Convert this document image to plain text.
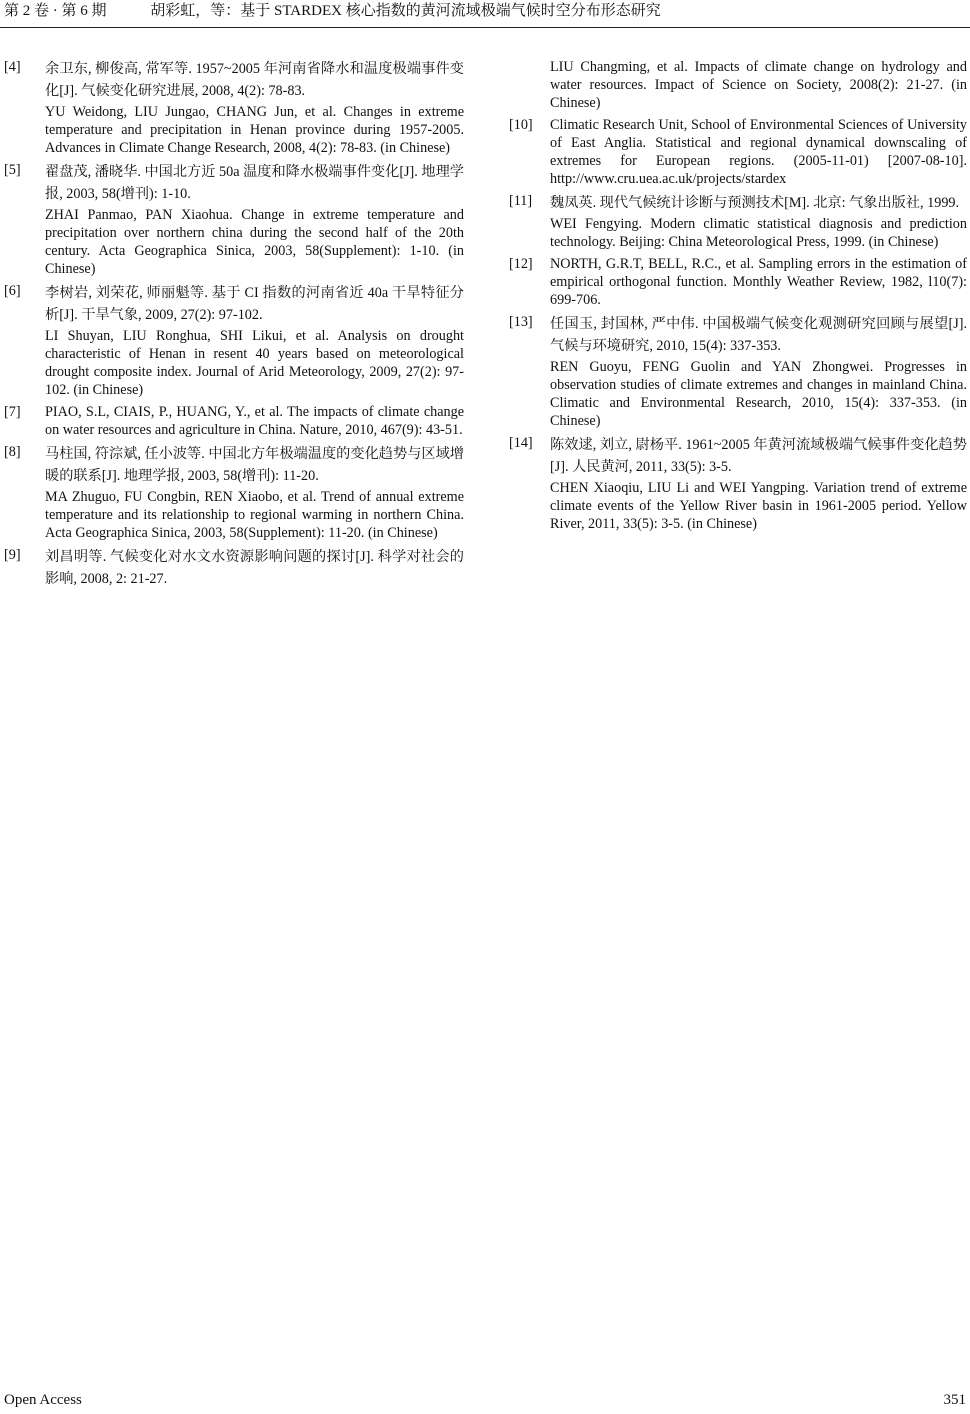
第 2 卷 · 第 6 期	胡彩虹，等：基于 STARDEX 核心指数的黄河流域极端气候时空分布形态研究
[4] 余卫东, 柳俊高, 常军等. 1957~2005 年河南省降水和温度极端事件变化[J]. 气候变化研究进展, 2008, 4(2): 78-83.

YU Weidong, LIU Jungao, CHANG Jun, et al. Changes in extreme temperature and precipitation in Henan province during 1957-2005. Advances in Climate Change Research, 2008, 4(2): 78-83. (in Chinese)

[5] 翟盘茂, 潘晓华. 中国北方近 50a 温度和降水极端事件变化[J]. 地理学报, 2003, 58(增刊): 1-10.

ZHAI Panmao, PAN Xiaohua. Change in extreme temperature and precipitation over northern china during the second half of the 20th century. Acta Geographica Sinica, 2003, 58(Supplement): 1-10. (in Chinese)

[6] 李树岩, 刘荣花, 师丽魁等. 基于 CI 指数的河南省近 40a 干旱特征分析[J]. 干旱气象, 2009, 27(2): 97-102.

LI Shuyan, LIU Ronghua, SHI Likui, et al. Analysis on drought characteristic of Henan in resent 40 years based on meteorological drought composite index. Journal of Arid Meteorology, 2009, 27(2): 97-102. (in Chinese)

[7] PIAO, S.L, CIAIS, P., HUANG, Y., et al. The impacts of climate change on water resources and agriculture in China. Nature, 2010, 467(9): 43-51.

[8] 马柱国, 符淙斌, 任小波等. 中国北方年极端温度的变化趋势与区域增暖的联系[J]. 地理学报, 2003, 58(增刊): 11-20.

MA Zhuguo, FU Congbin, REN Xiaobo, et al. Trend of annual extreme temperature and its relationship to regional warming in northern China. Acta Geographica Sinica, 2003, 58(Supplement): 11-20. (in Chinese)

[9] 刘昌明等. 气候变化对水文水资源影响问题的探讨[J]. 科学对社会的影响, 2008, 2: 21-27.

LIU Changming, et al. Impacts of climate change on hydrology and water resources. Impact of Science on Society, 2008(2): 21-27. (in Chinese)

[10] Climatic Research Unit, School of Environmental Sciences of University of East Anglia. Statistical and regional dynamical downscaling of extremes for European regions. (2005-11-01) [2007-08-10]. http://www.cru.uea.ac.uk/projects/stardex

[11] 魏凤英. 现代气候统计诊断与预测技术[M]. 北京: 气象出版社, 1999.

WEI Fengying. Modern climatic statistical diagnosis and prediction technology. Beijing: China Meteorological Press, 1999. (in Chinese)

[12] NORTH, G.R.T, BELL, R.C., et al. Sampling errors in the estimation of empirical orthogonal function. Monthly Weather Review, 1982, l10(7): 699-706.

[13] 任国玉, 封国林, 严中伟. 中国极端气候变化观测研究回顾与展望[J]. 气候与环境研究, 2010, 15(4): 337-353.

REN Guoyu, FENG Guolin and YAN Zhongwei. Progresses in observation studies of climate extremes and changes in mainland China. Climatic and Environmental Research, 2010, 15(4): 337-353. (in Chinese)

[14] 陈效逑, 刘立, 尉杨平. 1961~2005 年黄河流域极端气候事件变化趋势[J]. 人民黄河, 2011, 33(5): 3-5.

CHEN Xiaoqiu, LIU Li and WEI Yangping. Variation trend of extreme climate events of the Yellow River basin in 1961-2005 period. Yellow River, 2011, 33(5): 3-5. (in Chinese)

Open Access	351
